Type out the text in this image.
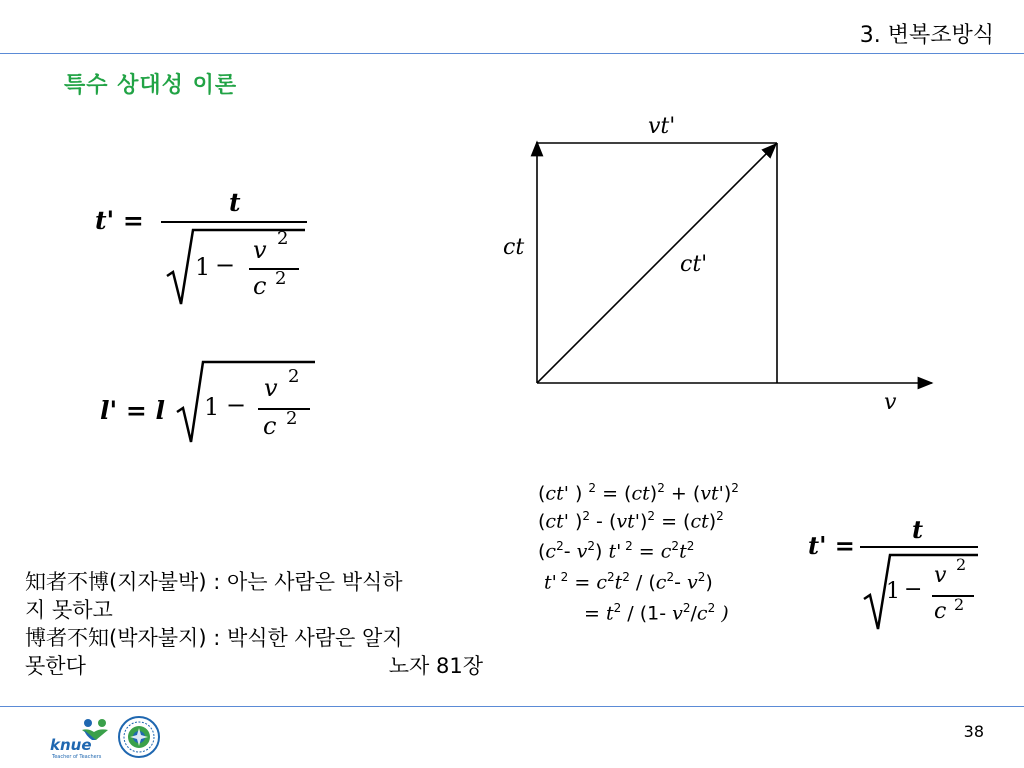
3. 변복조방식
특수 상대성 이론
t' =
t
1 −
v 2
c 2
l' = l 1 −
v 2
c 2
vt'
ct
ct'
v

(ct' ) $^2 = (ct)^2 + (vt')^2$

(ct' )$^2 - (vt')^2 = (ct)^2$

($c^2-$ $v^2$) t' $^2 = c^2t^2$

t' $^2 = c^2t^2 / (c^2-$ $v^2$)

= $t^2 / (1-$ $v^2/c^2$ )

t' =
t
1 −
v 2
c 2
知者不博(지자불박) : 아는 사람은 박식하
지 못하고
博者不知(박자불지) : 박식한 사람은 알지
못한다	노자 81장
knue
Teacher of Teachers
38
